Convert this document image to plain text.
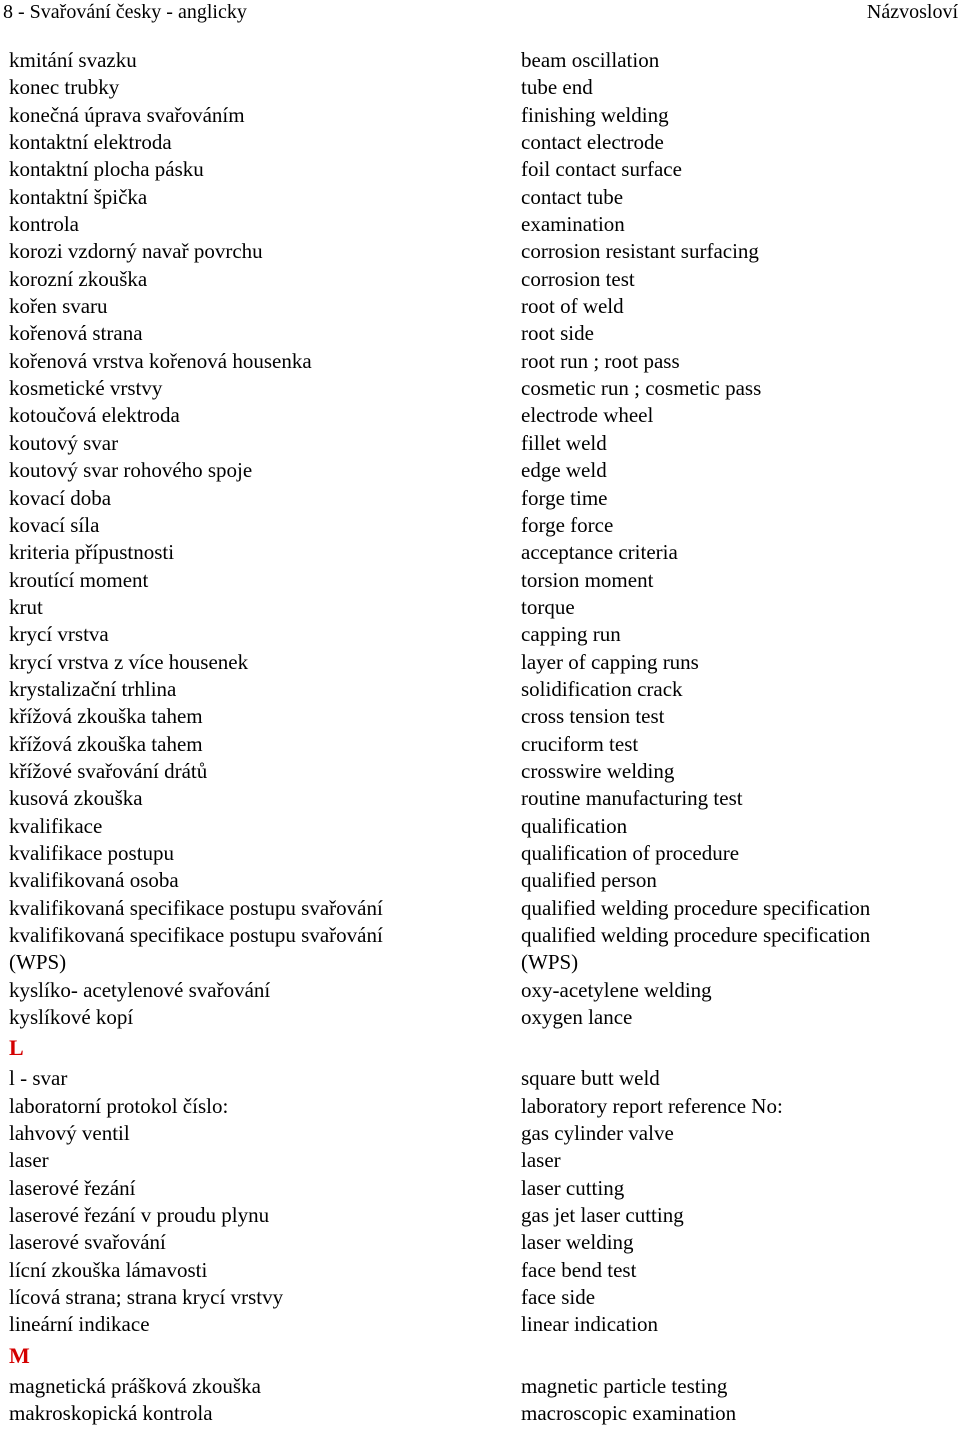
8 - Svařování česky - anglicky	Názvosloví
kmitání svazku	beam oscillation
konec trubky	tube end
konečná úprava svařováním	finishing welding
kontaktní elektroda	contact electrode
kontaktní plocha pásku	foil contact surface
kontaktní špička	contact tube
kontrola	examination
korozi vzdorný navař povrchu	corrosion resistant surfacing
korozní zkouška	corrosion test
kořen svaru	root of weld
kořenová strana	root side
kořenová vrstva kořenová housenka	root run ; root pass
kosmetické vrstvy	cosmetic run ; cosmetic pass
kotoučová elektroda	electrode wheel
koutový svar	fillet weld
koutový svar rohového spoje	edge weld
kovací doba	forge time
kovací síla	forge force
kriteria přípustnosti	acceptance criteria
kroutící moment	torsion moment
krut	torque
krycí vrstva	capping run
krycí vrstva z více housenek	layer of capping runs
krystalizační trhlina	solidification crack
křížová zkouška tahem	cross tension test
křížová zkouška tahem	cruciform test
křížové svařování drátů	crosswire welding
kusová zkouška	routine manufacturing test
kvalifikace	qualification
kvalifikace postupu	qualification of procedure
kvalifikovaná osoba	qualified person
kvalifikovaná specifikace postupu svařování	qualified welding procedure specification
kvalifikovaná specifikace postupu svařování	qualified welding procedure specification
(WPS)	(WPS)
kyslíko- acetylenové svařování	oxy-acetylene welding
kyslíkové kopí	oxygen lance
L
l - svar	square butt weld
laboratorní protokol číslo:	laboratory report reference No:
lahvový ventil	gas cylinder valve
laser	laser
laserové řezání	laser cutting
laserové řezání v proudu plynu	gas jet laser cutting
laserové svařování	laser welding
lícní zkouška lámavosti	face bend test
lícová strana; strana krycí vrstvy	face side
lineární indikace	linear indication
M
magnetická prášková zkouška	magnetic particle testing
makroskopická kontrola	macroscopic examination
